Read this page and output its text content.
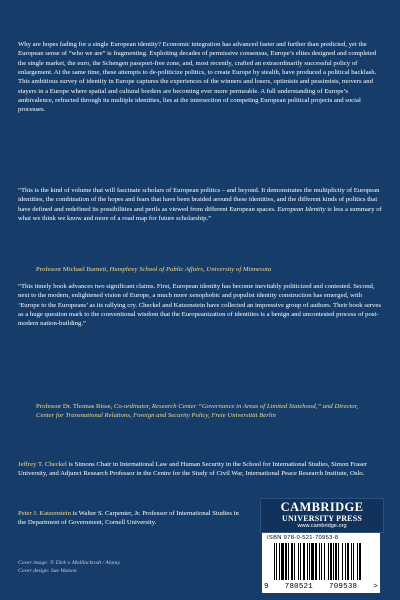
Why are hopes fading for a single European identity? Economic integration has advanced faster and further than predicted, yet the European sense of “who we are” is fragmenting. Exploiting decades of permissive consensus, Europe’s elites designed and completed the single market, the euro, the Schengen passport-free zone, and, most recently, crafted an extraordinarily successful policy of enlargement. At the same time, these attempts to de-politicize politics, to create Europe by stealth, have produced a political backlash. This ambitious survey of identity in Europe captures the experiences of the winners and losers, optimists and pessimists, movers and stayers in a Europe where spatial and cultural borders are becoming ever more permeable. A full understanding of Europe’s ambivalence, refracted through its multiple identities, lies at the intersection of competing European political projects and social processes.

“This is the kind of volume that will fascinate scholars of European politics – and beyond. It demonstrates the multiplicity of European identities, the combination of the hopes and fears that have been braided around these identities, and the different kinds of politics that have defined and redefined its possibilities and perils as viewed from different European spaces. European Identity is less a summary of what we think we know and more of a road map for future scholarship.”

Professor Michael Barnett, Humphrey School of Public Affairs, University of Minnesota

“This timely book advances two significant claims. First, European identity has become inevitably politicized and contested. Second, next to the modern, enlightened vision of Europe, a much more xenophobic and populist identity construction has emerged, with ‘Europe to the Europeans’ as its rallying cry. Checkel and Katzenstein have collected an impressive group of authors. Their book serves as a huge question mark to the conventional wisdom that the Europeanization of identities is a benign and uncontested process of post-modern nation-building.”

Professor Dr. Thomas Risse, Co-ordinator, Research Center “Governance in Areas of Limited Statehood,” and Director, Center for Transnational Relations, Foreign and Security Policy, Freie Universität Berlin

Jeffrey T. Checkel is Simons Chair in International Law and Human Security in the School for International Studies, Simon Fraser University, and Adjunct Research Professor in the Centre for the Study of Civil War, International Peace Research Institute, Oslo.

Peter J. Katzenstein is Walter S. Carpenter, Jr. Professor of International Studies in the Department of Government, Cornell University.

Cover image: © Dirk v. Mallinckrodt / Alamy.
Cover design: Sue Watson

CAMBRIDGE
UNIVERSITY PRESS
www.cambridge.org
ISBN 978-0-521-70953-8
9 780521 709538 >
